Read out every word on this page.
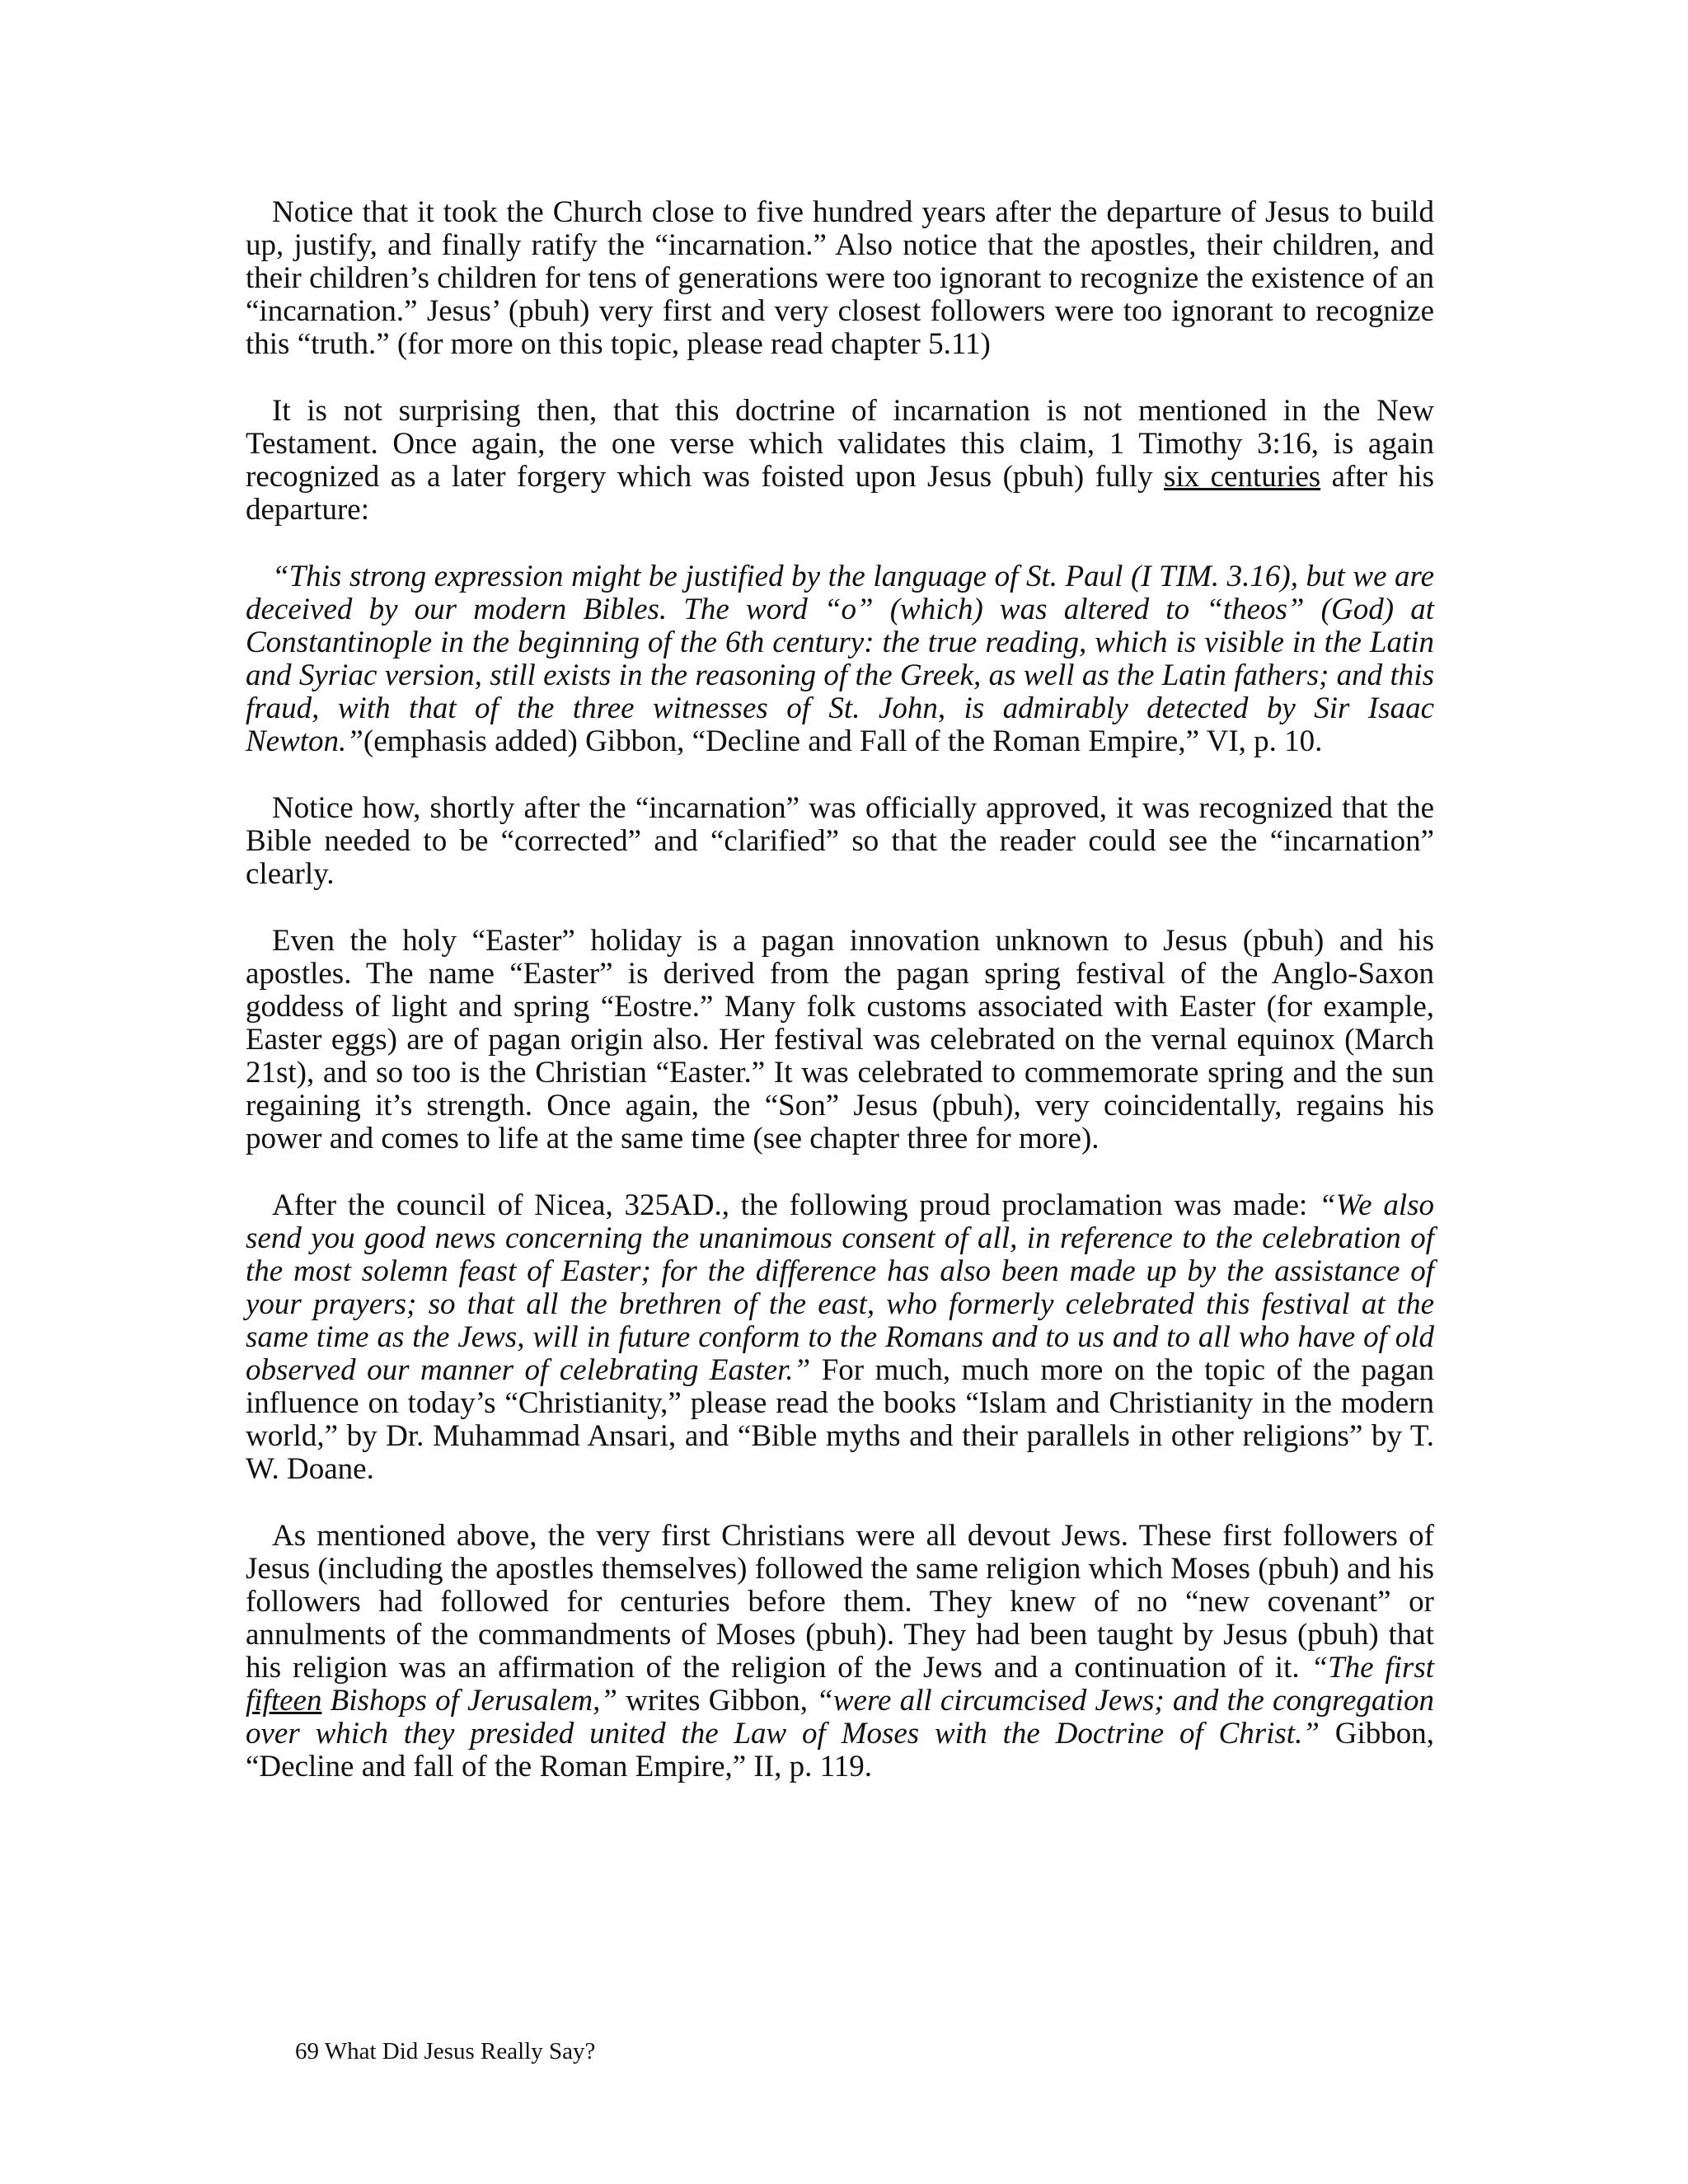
Notice that it took the Church close to five hundred years after the departure of Jesus to build up, justify, and finally ratify the “incarnation.” Also notice that the apostles, their children, and their children’s children for tens of generations were too ignorant to recognize the existence of an “incarnation.” Jesus’ (pbuh) very first and very closest followers were too ignorant to recognize this “truth.” (for more on this topic, please read chapter 5.11)

It is not surprising then, that this doctrine of incarnation is not mentioned in the New Testament. Once again, the one verse which validates this claim, 1 Timothy 3:16, is again recognized as a later forgery which was foisted upon Jesus (pbuh) fully six centuries after his departure:

“This strong expression might be justified by the language of St. Paul (I TIM. 3.16), but we are deceived by our modern Bibles. The word “o” (which) was altered to “theos” (God) at Constantinople in the beginning of the 6th century: the true reading, which is visible in the Latin and Syriac version, still exists in the reasoning of the Greek, as well as the Latin fathers; and this fraud, with that of the three witnesses of St. John, is admirably detected by Sir Isaac Newton.”(emphasis added) Gibbon, “Decline and Fall of the Roman Empire,” VI, p. 10.

Notice how, shortly after the “incarnation” was officially approved, it was recognized that the Bible needed to be “corrected” and “clarified” so that the reader could see the “incarnation” clearly.

Even the holy “Easter” holiday is a pagan innovation unknown to Jesus (pbuh) and his apostles. The name “Easter” is derived from the pagan spring festival of the Anglo-Saxon goddess of light and spring “Eostre.” Many folk customs associated with Easter (for example, Easter eggs) are of pagan origin also. Her festival was celebrated on the vernal equinox (March 21st), and so too is the Christian “Easter.” It was celebrated to commemorate spring and the sun regaining it’s strength. Once again, the “Son” Jesus (pbuh), very coincidentally, regains his power and comes to life at the same time (see chapter three for more).

After the council of Nicea, 325AD., the following proud proclamation was made: “We also send you good news concerning the unanimous consent of all, in reference to the celebration of the most solemn feast of Easter; for the difference has also been made up by the assistance of your prayers; so that all the brethren of the east, who formerly celebrated this festival at the same time as the Jews, will in future conform to the Romans and to us and to all who have of old observed our manner of celebrating Easter.” For much, much more on the topic of the pagan influence on today’s “Christianity,” please read the books “Islam and Christianity in the modern world,” by Dr. Muhammad Ansari, and “Bible myths and their parallels in other religions” by T. W. Doane.

As mentioned above, the very first Christians were all devout Jews. These first followers of Jesus (including the apostles themselves) followed the same religion which Moses (pbuh) and his followers had followed for centuries before them. They knew of no “new covenant” or annulments of the commandments of Moses (pbuh). They had been taught by Jesus (pbuh) that his religion was an affirmation of the religion of the Jews and a continuation of it. “The first fifteen Bishops of Jerusalem,” writes Gibbon, “were all circumcised Jews; and the congregation over which they presided united the Law of Moses with the Doctrine of Christ.” Gibbon, “Decline and fall of the Roman Empire,” II, p. 119.

69 What Did Jesus Really Say?
